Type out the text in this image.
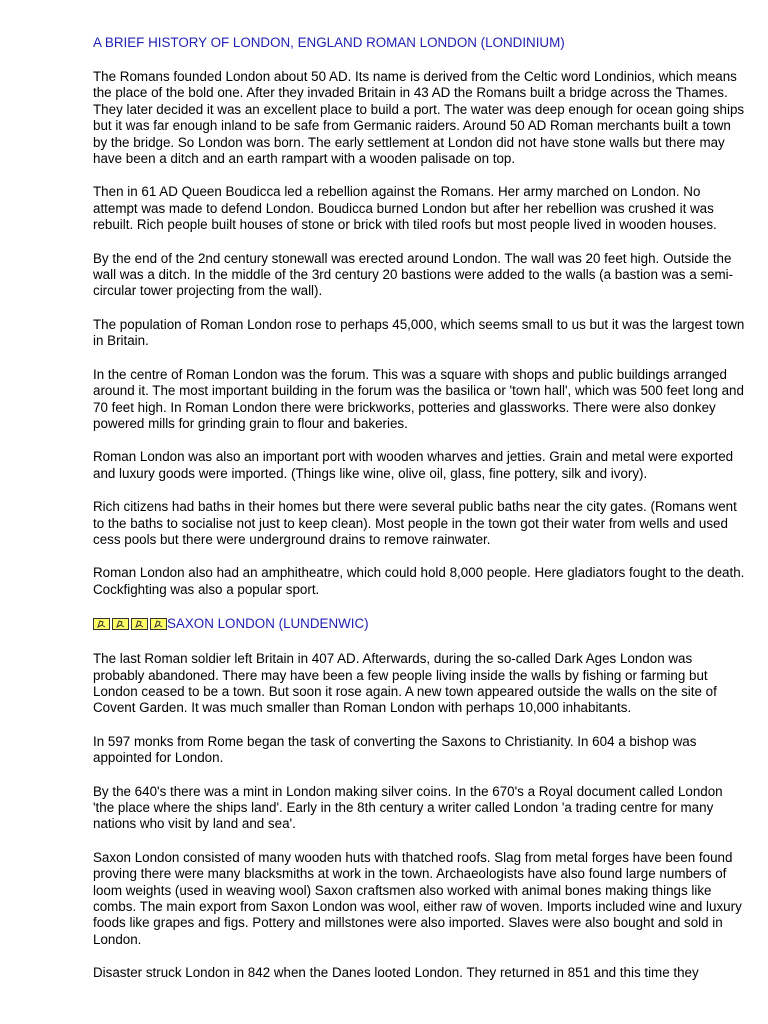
A BRIEF HISTORY OF LONDON, ENGLAND ROMAN LONDON (LONDINIUM)

The Romans founded London about 50 AD. Its name is derived from the Celtic word Londinios, which means the place of the bold one. After they invaded Britain in 43 AD the Romans built a bridge across the Thames. They later decided it was an excellent place to build a port. The water was deep enough for ocean going ships but it was far enough inland to be safe from Germanic raiders. Around 50 AD Roman merchants built a town by the bridge. So London was born. The early settlement at London did not have stone walls but there may have been a ditch and an earth rampart with a wooden palisade on top.

Then in 61 AD Queen Boudicca led a rebellion against the Romans. Her army marched on London. No attempt was made to defend London. Boudicca burned London but after her rebellion was crushed it was rebuilt. Rich people built houses of stone or brick with tiled roofs but most people lived in wooden houses.

By the end of the 2nd century stonewall was erected around London. The wall was 20 feet high. Outside the wall was a ditch. In the middle of the 3rd century 20 bastions were added to the walls (a bastion was a semi-circular tower projecting from the wall).

The population of Roman London rose to perhaps 45,000, which seems small to us but it was the largest town in Britain.

In the centre of Roman London was the forum. This was a square with shops and public buildings arranged around it. The most important building in the forum was the basilica or 'town hall', which was 500 feet long and 70 feet high. In Roman London there were brickworks, potteries and glassworks. There were also donkey powered mills for grinding grain to flour and bakeries.

Roman London was also an important port with wooden wharves and jetties. Grain and metal were exported and luxury goods were imported. (Things like wine, olive oil, glass, fine pottery, silk and ivory).

Rich citizens had baths in their homes but there were several public baths near the city gates. (Romans went to the baths to socialise not just to keep clean). Most people in the town got their water from wells and used cess pools but there were underground drains to remove rainwater.

Roman London also had an amphitheatre, which could hold 8,000 people. Here gladiators fought to the death. Cockfighting was also a popular sport.

SAXON LONDON (LUNDENWIC)

The last Roman soldier left Britain in 407 AD. Afterwards, during the so-called Dark Ages London was probably abandoned. There may have been a few people living inside the walls by fishing or farming but London ceased to be a town. But soon it rose again. A new town appeared outside the walls on the site of Covent Garden. It was much smaller than Roman London with perhaps 10,000 inhabitants.

In 597 monks from Rome began the task of converting the Saxons to Christianity. In 604 a bishop was appointed for London.

By the 640's there was a mint in London making silver coins. In the 670's a Royal document called London 'the place where the ships land'. Early in the 8th century a writer called London 'a trading centre for many nations who visit by land and sea'.

Saxon London consisted of many wooden huts with thatched roofs. Slag from metal forges have been found proving there were many blacksmiths at work in the town. Archaeologists have also found large numbers of loom weights (used in weaving wool) Saxon craftsmen also worked with animal bones making things like combs. The main export from Saxon London was wool, either raw of woven. Imports included wine and luxury foods like grapes and figs. Pottery and millstones were also imported. Slaves were also bought and sold in London.

Disaster struck London in 842 when the Danes looted London. They returned in 851 and this time they
